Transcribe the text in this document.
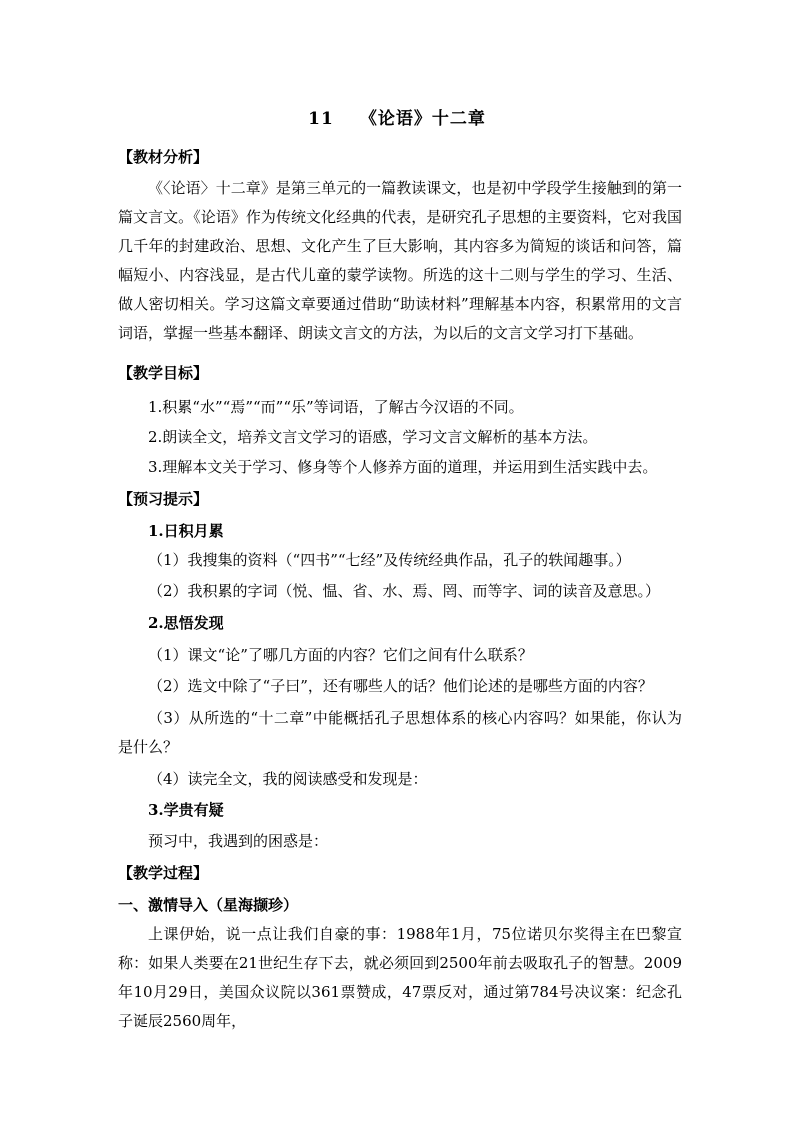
11 《论语》十二章
【教材分析】
《〈论语〉十二章》是第三单元的一篇教读课文，也是初中学段学生接触到的第一篇文言文。《论语》作为传统文化经典的代表，是研究孔子思想的主要资料，它对我国几千年的封建政治、思想、文化产生了巨大影响，其内容多为简短的谈话和问答，篇幅短小、内容浅显，是古代儿童的蒙学读物。所选的这十二则与学生的学习、生活、做人密切相关。学习这篇文章要通过借助“助读材料”理解基本内容，积累常用的文言词语，掌握一些基本翻译、朗读文言文的方法，为以后的文言文学习打下基础。
【教学目标】
1.积累“水”“焉”“而”“乐”等词语，了解古今汉语的不同。
2.朗读全文，培养文言文学习的语感，学习文言文解析的基本方法。
3.理解本文关于学习、修身等个人修养方面的道理，并运用到生活实践中去。
【预习提示】
1.日积月累
（1）我搜集的资料（“四书”“七经”及传统经典作品，孔子的轶闻趣事。）
（2）我积累的字词（悦、愠、省、水、焉、罔、而等字、词的读音及意思。）
2.思悟发现
（1）课文“论”了哪几方面的内容？它们之间有什么联系？
（2）选文中除了“子曰”，还有哪些人的话？他们论述的是哪些方面的内容？
（3）从所选的“十二章”中能概括孔子思想体系的核心内容吗？如果能，你认为是什么？
（4）读完全文，我的阅读感受和发现是：
3.学贵有疑
预习中，我遇到的困惑是：
【教学过程】
一、激情导入（星海撷珍）
上课伊始，说一点让我们自豪的事：1988年1月，75位诺贝尔奖得主在巴黎宣称：如果人类要在21世纪生存下去，就必须回到2500年前去吸取孔子的智慧。2009年10月29日，美国众议院以361票赞成，47票反对，通过第784号决议案：纪念孔子诞辰2560周年，
